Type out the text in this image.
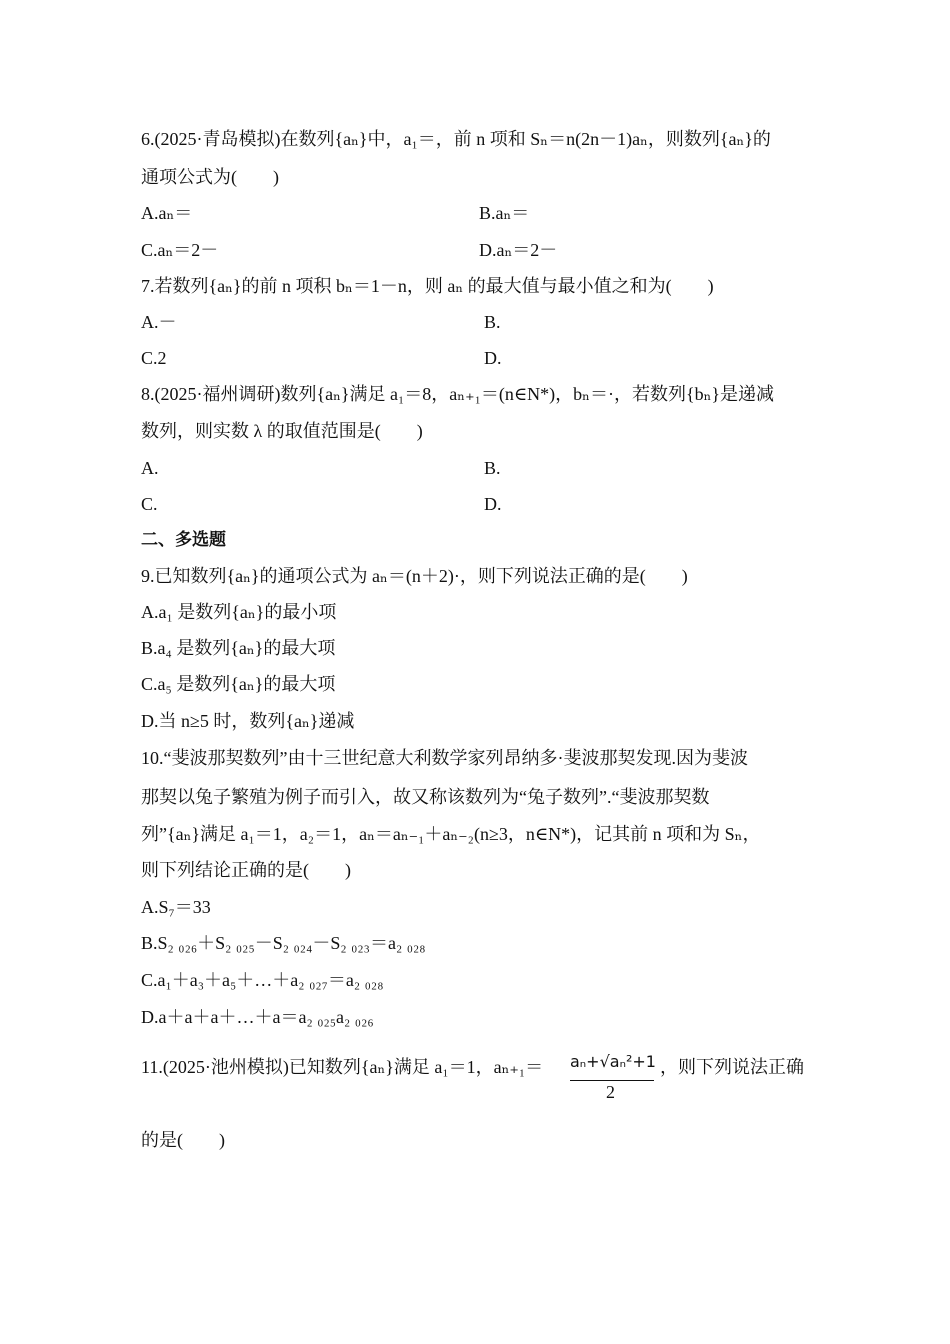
6.(2025·青岛模拟)在数列{aₙ}中，a₁＝，前 n 项和 Sₙ＝n(2n－1)aₙ，则数列{aₙ}的
通项公式为(　　)
A.aₙ＝	B.aₙ＝
C.aₙ＝2－	D.aₙ＝2－
7.若数列{aₙ}的前 n 项积 bₙ＝1－n，则 aₙ 的最大值与最小值之和为(　　)
A.－	B.
C.2	D.
8.(2025·福州调研)数列{aₙ}满足 a₁＝8，aₙ₊₁＝(n∈N*)，bₙ＝·，若数列{bₙ}是递减
数列，则实数 λ 的取值范围是(　　)
A.	B.
C.	D.
二、多选题
9.已知数列{aₙ}的通项公式为 aₙ＝(n＋2)·，则下列说法正确的是(　　)
A.a₁ 是数列{aₙ}的最小项
B.a₄ 是数列{aₙ}的最大项
C.a₅ 是数列{aₙ}的最大项
D.当 n≥5 时，数列{aₙ}递减
10.“斐波那契数列”由十三世纪意大利数学家列昂纳多·斐波那契发现.因为斐波
那契以兔子繁殖为例子而引入，故又称该数列为“兔子数列”.“斐波那契数
列”{aₙ}满足 a₁＝1，a₂＝1，aₙ＝aₙ₋₁＋aₙ₋₂(n≥3，n∈N*)，记其前 n 项和为 Sₙ，
则下列结论正确的是(　　)
A.S₇＝33
B.S₂ ₀₂₆＋S₂ ₀₂₅－S₂ ₀₂₄－S₂ ₀₂₃＝a₂ ₀₂₈
C.a₁＋a₃＋a₅＋…＋a₂ ₀₂₇＝a₂ ₀₂₈
D.a＋a＋a＋…＋a＝a₂ ₀₂₅a₂ ₀₂₆
11.(2025·池州模拟)已知数列{aₙ}满足 a₁＝1，aₙ₊₁＝ aₙ+√aₙ²+1
2
，则下列说法正确
的是(　　)
